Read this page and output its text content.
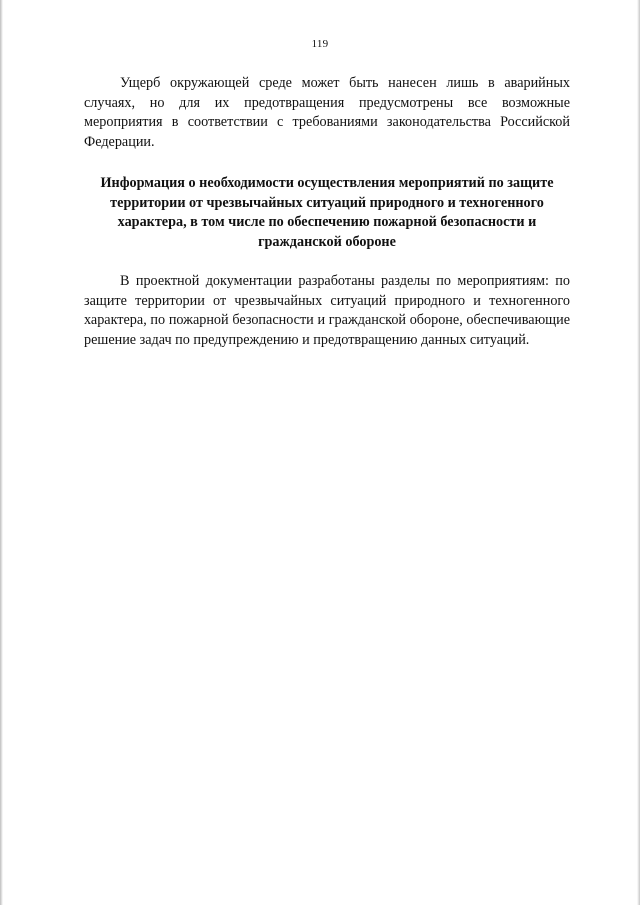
119

Ущерб окружающей среде может быть нанесен лишь в аварийных случаях, но для их предотвращения предусмотрены все возможные мероприятия в соответствии с требованиями законодательства Российской Федерации.

Информация о необходимости осуществления мероприятий по защите территории от чрезвычайных ситуаций природного и техногенного характера, в том числе по обеспечению пожарной безопасности и гражданской обороне

В проектной документации разработаны разделы по мероприятиям: по защите территории от чрезвычайных ситуаций природного и техногенного характера, по пожарной безопасности и гражданской обороне, обеспечивающие решение задач по предупреждению и предотвращению данных ситуаций.
